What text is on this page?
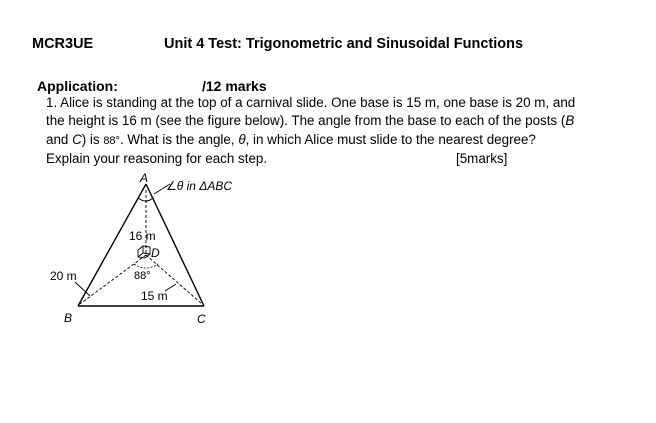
MCR3UE	Unit 4 Test: Trigonometric and Sinusoidal Functions
Application:	/12 marks
1. Alice is standing at the top of a carnival slide. One base is 15 m, one base is 20 m, and
the height is 16 m (see the figure below). The angle from the base to each of the posts (B
and C) is 88°. What is the angle, θ, in which Alice must slide to the nearest degree?
Explain your reasoning for each step.	[5marks]
A
B	C
D
∠θ in ΔABC
16 m
20 m
15 m
88°
